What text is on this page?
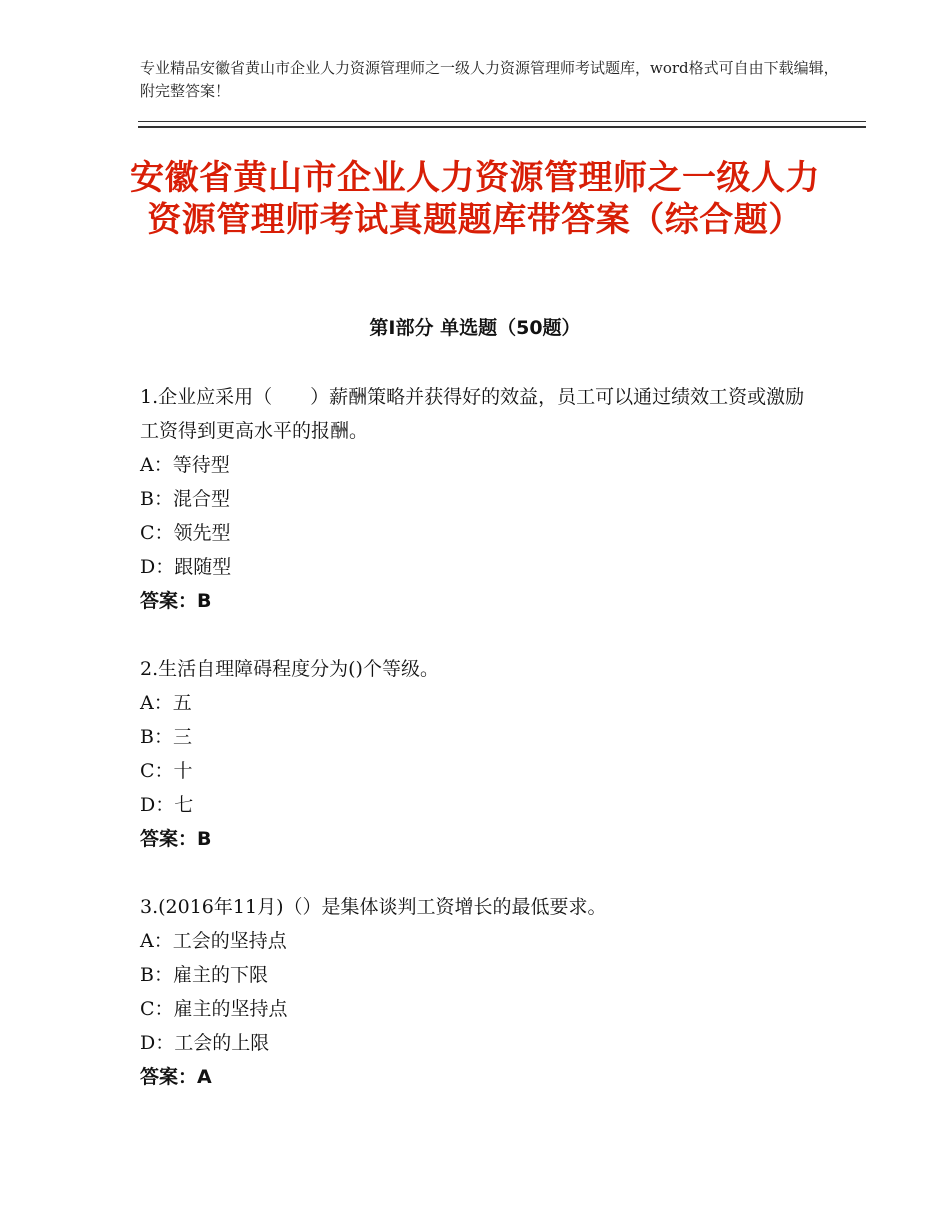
专业精品安徽省黄山市企业人力资源管理师之一级人力资源管理师考试题库，word格式可自由下载编辑，附完整答案！
安徽省黄山市企业人力资源管理师之一级人力资源管理师考试真题题库带答案（综合题）
第Ⅰ部分 单选题（50题）
1.企业应采用（　　）薪酬策略并获得好的效益，员工可以通过绩效工资或激励工资得到更高水平的报酬。
A：等待型
B：混合型
C：领先型
D：跟随型
答案：B
2.生活自理障碍程度分为()个等级。
A：五
B：三
C：十
D：七
答案：B
3.(2016年11月)（）是集体谈判工资增长的最低要求。
A：工会的坚持点
B：雇主的下限
C：雇主的坚持点
D：工会的上限
答案：A
